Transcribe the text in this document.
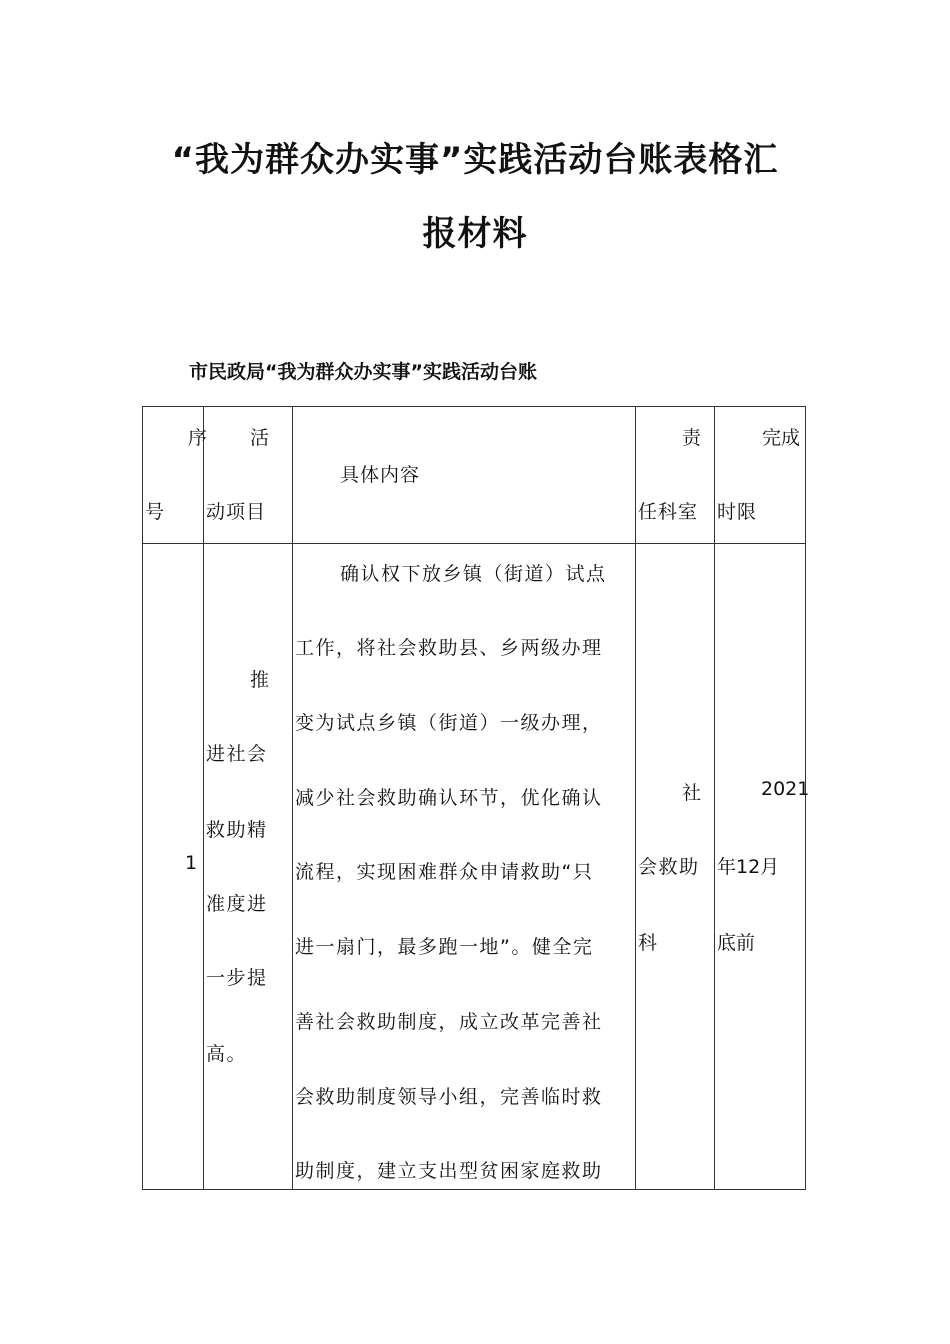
“我为群众办实事”实践活动台账表格汇
报材料
市民政局“我为群众办实事”实践活动台账
序
号
活
动项目
具体内容
责
任科室
完成
时限
1
推
进社会
救助精
准度进
一步提
高。
确认权下放乡镇（街道）试点
工作，将社会救助县、乡两级办理
变为试点乡镇（街道）一级办理，
减少社会救助确认环节，优化确认
流程，实现困难群众申请救助“只
进一扇门，最多跑一地”。健全完
善社会救助制度，成立改革完善社
会救助制度领导小组，完善临时救
助制度，建立支出型贫困家庭救助
社
会救助
科
2021
年12月
底前
